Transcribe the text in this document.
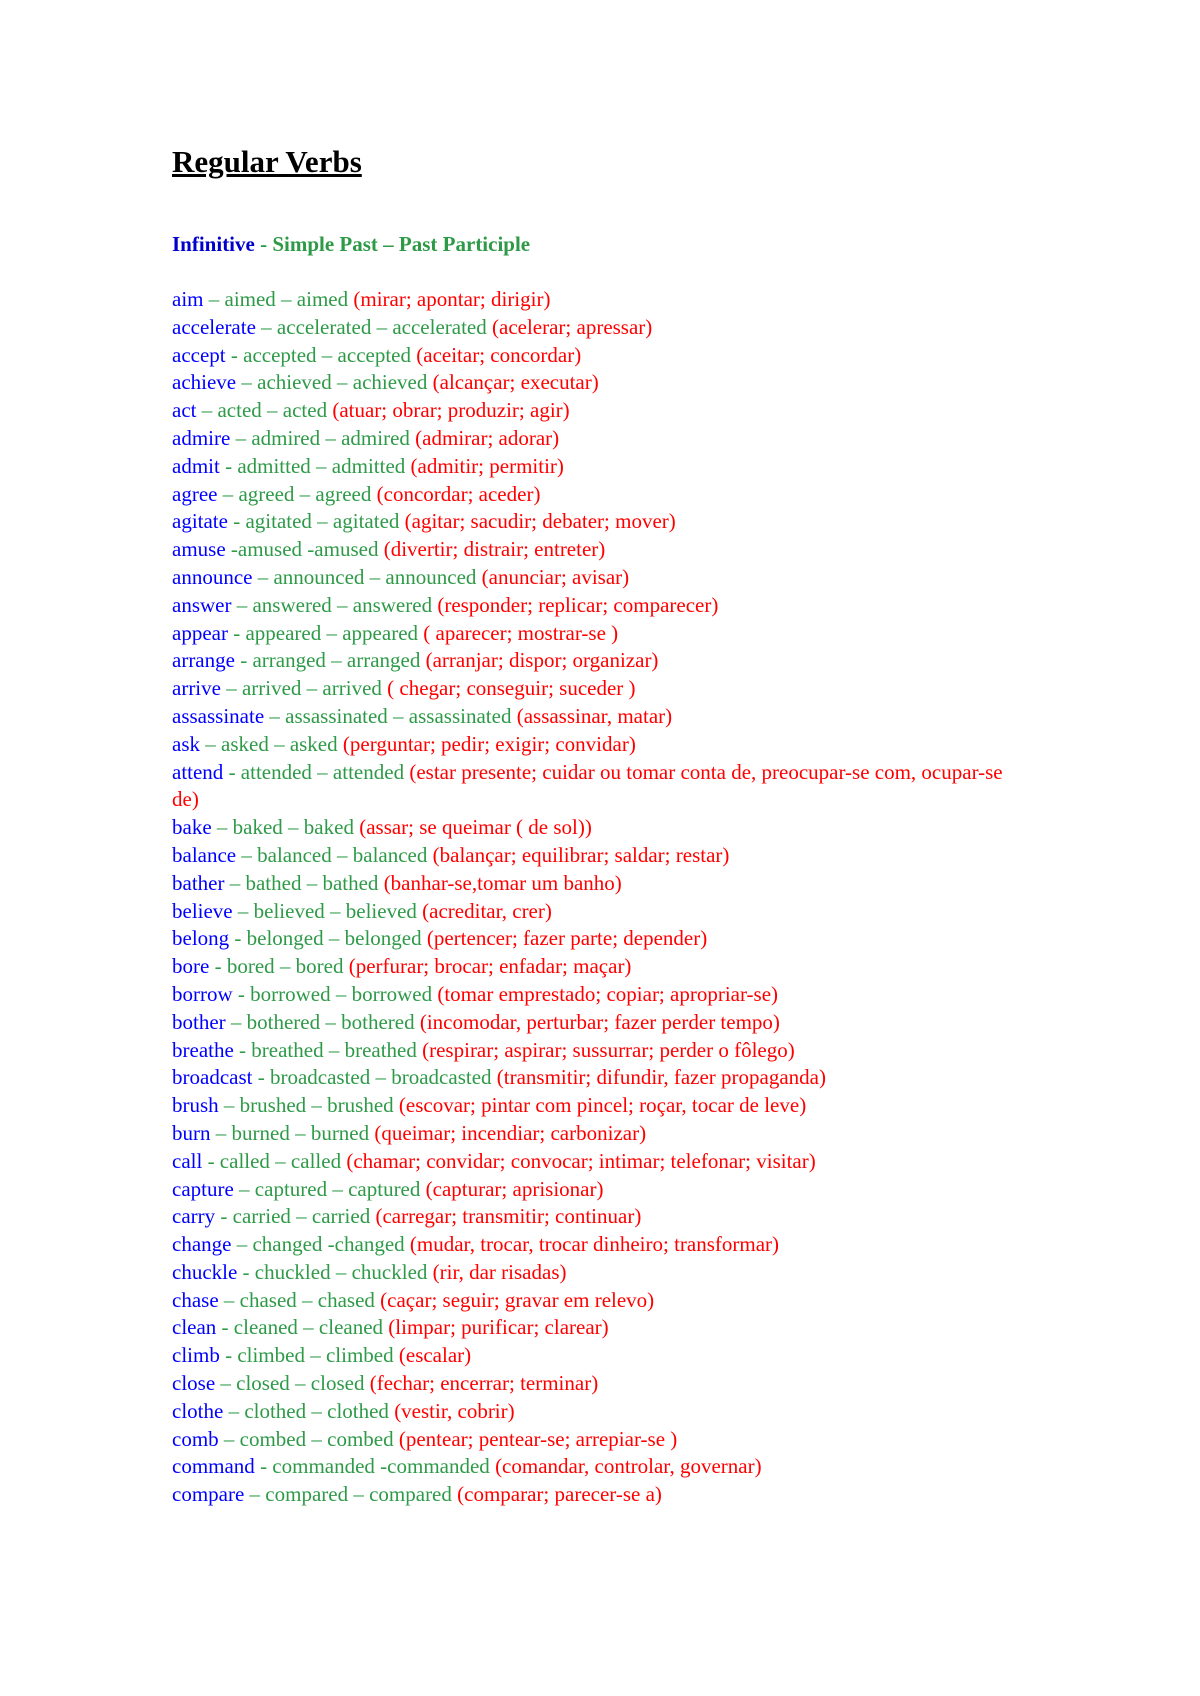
Regular Verbs
Infinitive - Simple Past – Past Participle
aim – aimed – aimed (mirar; apontar; dirigir)
accelerate – accelerated – accelerated (acelerar; apressar)
accept - accepted – accepted (aceitar; concordar)
achieve – achieved – achieved (alcançar; executar)
act – acted – acted (atuar; obrar; produzir; agir)
admire – admired – admired (admirar; adorar)
admit - admitted – admitted (admitir; permitir)
agree – agreed – agreed (concordar; aceder)
agitate - agitated – agitated (agitar; sacudir; debater; mover)
amuse -amused -amused (divertir; distrair; entreter)
announce – announced – announced (anunciar; avisar)
answer – answered – answered (responder; replicar; comparecer)
appear - appeared – appeared ( aparecer; mostrar-se )
arrange - arranged – arranged (arranjar; dispor; organizar)
arrive – arrived – arrived ( chegar; conseguir; suceder )
assassinate – assassinated – assassinated (assassinar, matar)
ask – asked – asked (perguntar; pedir; exigir; convidar)
attend - attended – attended (estar presente; cuidar ou tomar conta de, preocupar-se com, ocupar-se de)
bake – baked – baked (assar; se queimar ( de sol))
balance – balanced – balanced (balançar; equilibrar; saldar; restar)
bather – bathed – bathed (banhar-se,tomar um banho)
believe – believed – believed (acreditar, crer)
belong - belonged – belonged (pertencer; fazer parte; depender)
bore - bored – bored (perfurar; brocar; enfadar; maçar)
borrow - borrowed – borrowed (tomar emprestado; copiar; apropriar-se)
bother – bothered – bothered (incomodar, perturbar; fazer perder tempo)
breathe - breathed – breathed (respirar; aspirar; sussurrar; perder o fôlego)
broadcast - broadcasted – broadcasted (transmitir; difundir, fazer propaganda)
brush – brushed – brushed (escovar; pintar com pincel; roçar, tocar de leve)
burn – burned – burned (queimar; incendiar; carbonizar)
call - called – called (chamar; convidar; convocar; intimar; telefonar; visitar)
capture – captured – captured (capturar; aprisionar)
carry - carried – carried (carregar; transmitir; continuar)
change – changed -changed (mudar, trocar, trocar dinheiro; transformar)
chuckle - chuckled – chuckled (rir, dar risadas)
chase – chased – chased (caçar; seguir; gravar em relevo)
clean - cleaned – cleaned (limpar; purificar; clarear)
climb - climbed – climbed (escalar)
close – closed – closed (fechar; encerrar; terminar)
clothe – clothed – clothed (vestir, cobrir)
comb – combed – combed (pentear; pentear-se; arrepiar-se )
command - commanded -commanded (comandar, controlar, governar)
compare – compared – compared (comparar; parecer-se a)
